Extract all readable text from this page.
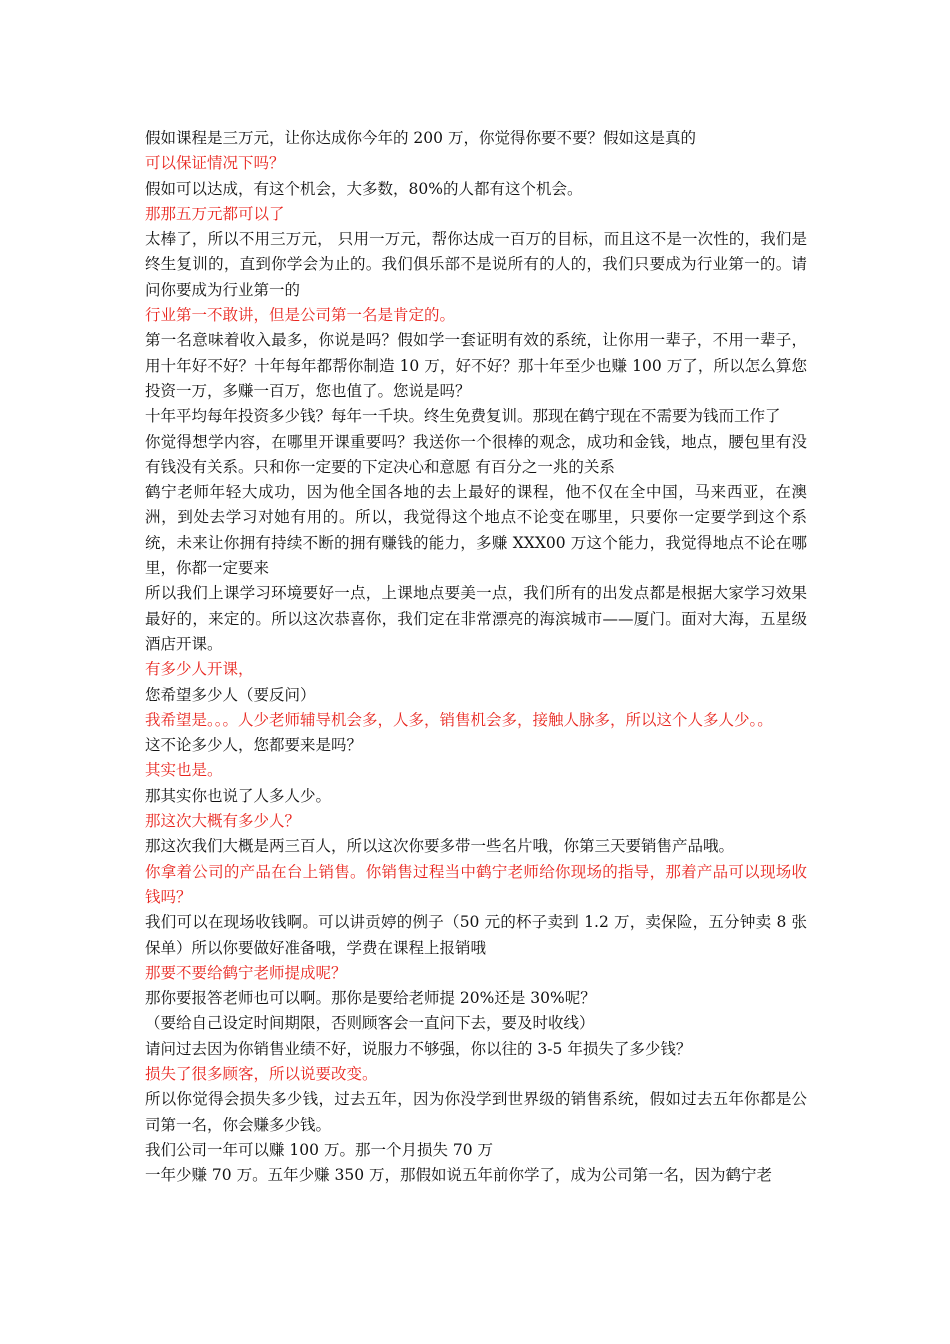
假如课程是三万元，让你达成你今年的 200 万，你觉得你要不要？假如这是真的

可以保证情况下吗？

假如可以达成，有这个机会，大多数，80%的人都有这个机会。

那那五万元都可以了

太棒了，所以不用三万元， 只用一万元，帮你达成一百万的目标，而且这不是一次性的，我们是终生复训的，直到你学会为止的。我们俱乐部不是说所有的人的，我们只要成为行业第一的。请问你要成为行业第一的

行业第一不敢讲，但是公司第一名是肯定的。

第一名意味着收入最多，你说是吗？假如学一套证明有效的系统，让你用一辈子，不用一辈子，用十年好不好？十年每年都帮你制造 10 万，好不好？那十年至少也赚 100 万了，所以怎么算您投资一万，多赚一百万，您也值了。您说是吗？

十年平均每年投资多少钱？每年一千块。终生免费复训。那现在鹤宁现在不需要为钱而工作了

你觉得想学内容，在哪里开课重要吗？我送你一个很棒的观念，成功和金钱，地点，腰包里有没有钱没有关系。只和你一定要的下定决心和意愿 有百分之一兆的关系

鹤宁老师年轻大成功，因为他全国各地的去上最好的课程，他不仅在全中国，马来西亚，在澳洲，到处去学习对她有用的。所以，我觉得这个地点不论变在哪里，只要你一定要学到这个系统，未来让你拥有持续不断的拥有赚钱的能力，多赚 XXX00 万这个能力，我觉得地点不论在哪里，你都一定要来

所以我们上课学习环境要好一点，上课地点要美一点，我们所有的出发点都是根据大家学习效果最好的，来定的。所以这次恭喜你，我们定在非常漂亮的海滨城市——厦门。面对大海，五星级酒店开课。

有多少人开课，

您希望多少人（要反问）

我希望是。。。人少老师辅导机会多，人多，销售机会多，接触人脉多，所以这个人多人少。。

这不论多少人，您都要来是吗？

其实也是。

那其实你也说了人多人少。

那这次大概有多少人？

那这次我们大概是两三百人，所以这次你要多带一些名片哦，你第三天要销售产品哦。

你拿着公司的产品在台上销售。你销售过程当中鹤宁老师给你现场的指导，那着产品可以现场收钱吗？

我们可以在现场收钱啊。可以讲贡婷的例子（50 元的杯子卖到 1.2 万，卖保险，五分钟卖 8 张保单）所以你要做好准备哦，学费在课程上报销哦

那要不要给鹤宁老师提成呢？

那你要报答老师也可以啊。那你是要给老师提 20%还是 30%呢？

（要给自己设定时间期限，否则顾客会一直问下去，要及时收线）

请问过去因为你销售业绩不好，说服力不够强，你以往的 3-5 年损失了多少钱？

损失了很多顾客，所以说要改变。

所以你觉得会损失多少钱，过去五年，因为你没学到世界级的销售系统，假如过去五年你都是公司第一名，你会赚多少钱。

我们公司一年可以赚 100 万。那一个月损失 70 万

一年少赚 70 万。五年少赚 350 万，那假如说五年前你学了，成为公司第一名，因为鹤宁老
